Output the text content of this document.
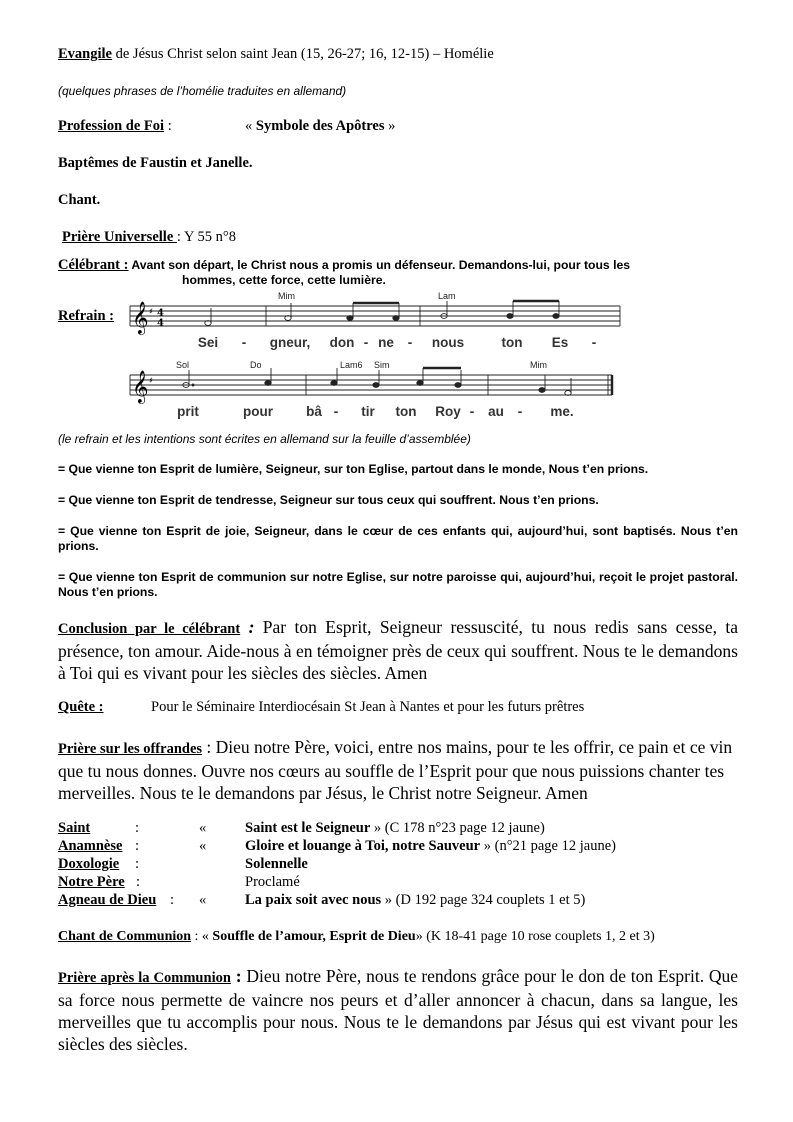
Evangile de Jésus Christ selon saint Jean (15, 26-27; 16, 12-15) – Homélie
(quelques phrases de l’homélie traduites en allemand)
Profession de Foi :	« Symbole des Apôtres »
Baptêmes de Faustin et Janelle.
Chant.
Prière Universelle : Y 55 n°8
Célébrant : Avant son départ, le Christ nous a promis un défenseur. Demandons-lui, pour tous les
hommes, cette force, cette lumière.
Refrain : 𝄞
𝄞
♯
♯
4
4
Mim	Lam
Sol	Do	Lam6 Sim	Mim
Sei - gneur, don - ne - nous	ton Es -
prit	pour bâ - tir ton Roy - au - me.
(le refrain et les intentions sont écrites en allemand sur la feuille d’assemblée)
= Que vienne ton Esprit de lumière, Seigneur, sur ton Eglise, partout dans le monde, Nous t’en prions.
= Que vienne ton Esprit de tendresse, Seigneur sur tous ceux qui souffrent. Nous t’en prions.
= Que vienne ton Esprit de joie, Seigneur, dans le cœur de ces enfants qui, aujourd’hui, sont baptisés. Nous t’en prions.
= Que vienne ton Esprit de communion sur notre Eglise, sur notre paroisse qui, aujourd’hui, reçoit le projet pastoral. Nous t’en prions.
Conclusion par le célébrant : Par ton Esprit, Seigneur ressuscité, tu nous redis sans cesse, ta présence, ton amour. Aide-nous à en témoigner près de ceux qui souffrent. Nous te le demandons à Toi qui es vivant pour les siècles des siècles. Amen
Quête :	Pour le Séminaire Interdiocésain St Jean à Nantes et pour les futurs prêtres
Prière sur les offrandes : Dieu notre Père, voici, entre nos mains, pour te les offrir, ce pain et ce vin que tu nous donnes. Ouvre nos cœurs au souffle de l’Esprit pour que nous puissions chanter tes merveilles. Nous te le demandons par Jésus, le Christ notre Seigneur. Amen
Saint	:	«	Saint est le Seigneur » (C 178 n°23 page 12 jaune)
Anamnèse :	«	Gloire et louange à Toi, notre Sauveur » (n°21 page 12 jaune)
Doxologie :	Solennelle
Notre Père :	Proclamé
Agneau de Dieu : «	La paix soit avec nous » (D 192 page 324 couplets 1 et 5)
Chant de Communion : « Souffle de l’amour, Esprit de Dieu» (K 18-41 page 10 rose couplets 1, 2 et 3)
Prière après la Communion : Dieu notre Père, nous te rendons grâce pour le don de ton Esprit. Que sa force nous permette de vaincre nos peurs et d’aller annoncer à chacun, dans sa langue, les merveilles que tu accomplis pour nous. Nous te le demandons par Jésus qui est vivant pour les siècles des siècles.
